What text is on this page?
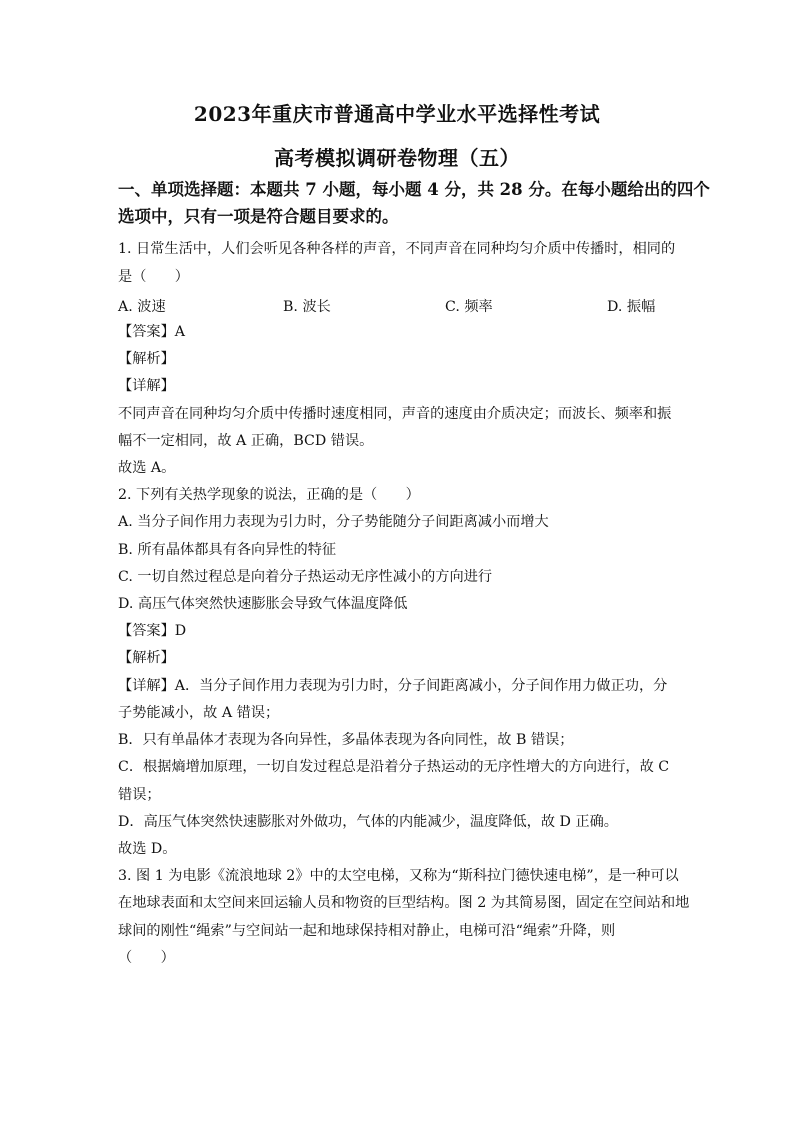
2023年重庆市普通高中学业水平选择性考试
高考模拟调研卷物理（五）
一、单项选择题：本题共 7 小题，每小题 4 分，共 28 分。在每小题给出的四个
选项中，只有一项是符合题目要求的。
1. 日常生活中，人们会听见各种各样的声音，不同声音在同种均匀介质中传播时，相同的
是（　　）
A. 波速	B. 波长	C. 频率	D. 振幅
【答案】A
【解析】
【详解】
不同声音在同种均匀介质中传播时速度相同，声音的速度由介质决定；而波长、频率和振
幅不一定相同，故 A 正确，BCD 错误。
故选 A。
2. 下列有关热学现象的说法，正确的是（　　）
A. 当分子间作用力表现为引力时，分子势能随分子间距离减小而增大
B. 所有晶体都具有各向异性的特征
C. 一切自然过程总是向着分子热运动无序性减小的方向进行
D. 高压气体突然快速膨胀会导致气体温度降低
【答案】D
【解析】
【详解】A．当分子间作用力表现为引力时，分子间距离减小，分子间作用力做正功，分
子势能减小，故 A 错误；
B．只有单晶体才表现为各向异性，多晶体表现为各向同性，故 B 错误；
C．根据熵增加原理，一切自发过程总是沿着分子热运动的无序性增大的方向进行，故 C
错误；
D．高压气体突然快速膨胀对外做功，气体的内能减少，温度降低，故 D 正确。
故选 D。
3. 图 1 为电影《流浪地球 2》中的太空电梯，又称为“斯科拉门德快速电梯”，是一种可以
在地球表面和太空间来回运输人员和物资的巨型结构。图 2 为其简易图，固定在空间站和地
球间的刚性“绳索”与空间站一起和地球保持相对静止，电梯可沿“绳索”升降，则
（　　）
